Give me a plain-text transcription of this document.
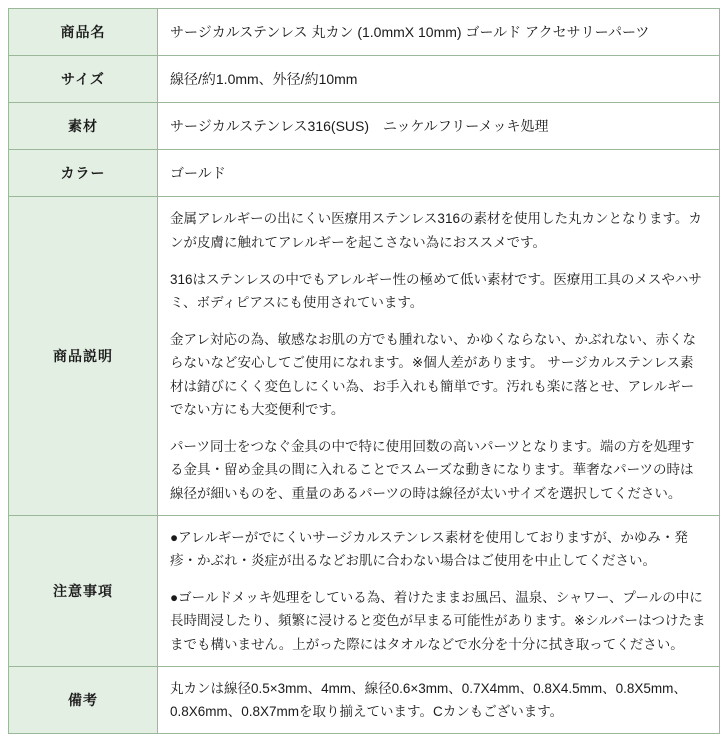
商品名	サージカルステンレス 丸カン (1.0mmX 10mm) ゴールド アクセサリーパーツ
サイズ	線径/約1.0mm、外径/約10mm
素材	サージカルステンレス316(SUS)　ニッケルフリーメッキ処理
カラー	ゴールド
商品説明	金属アレルギーの出にくい医療用ステンレス316の素材を使用した丸カンとなります。カンが皮膚に触れてアレルギーを起こさない為におススメです。

316はステンレスの中でもアレルギー性の極めて低い素材です。医療用工具のメスやハサミ、ボディピアスにも使用されています。

金アレ対応の為、敏感なお肌の方でも腫れない、かゆくならない、かぶれない、赤くならないなど安心してご使用になれます。※個人差があります。 サージカルステンレス素材は錆びにくく変色しにくい為、お手入れも簡単です。汚れも楽に落とせ、アレルギーでない方にも大変便利です。

パーツ同士をつなぐ金具の中で特に使用回数の高いパーツとなります。端の方を処理する金具・留め金具の間に入れることでスムーズな動きになります。華奢なパーツの時は線径が細いものを、重量のあるパーツの時は線径が太いサイズを選択してください。

注意事項	●アレルギーがでにくいサージカルステンレス素材を使用しておりますが、かゆみ・発疹・かぶれ・炎症が出るなどお肌に合わない場合はご使用を中止してください。

●ゴールドメッキ処理をしている為、着けたままお風呂、温泉、シャワー、プールの中に長時間浸したり、頻繁に浸けると変色が早まる可能性があります。※シルバーはつけたままでも構いません。上がった際にはタオルなどで水分を十分に拭き取ってください。

備考	丸カンは線径0.5×3mm、4mm、線径0.6×3mm、0.7X4mm、0.8X4.5mm、0.8X5mm、0.8X6mm、0.8X7mmを取り揃えています。Cカンもございます。
